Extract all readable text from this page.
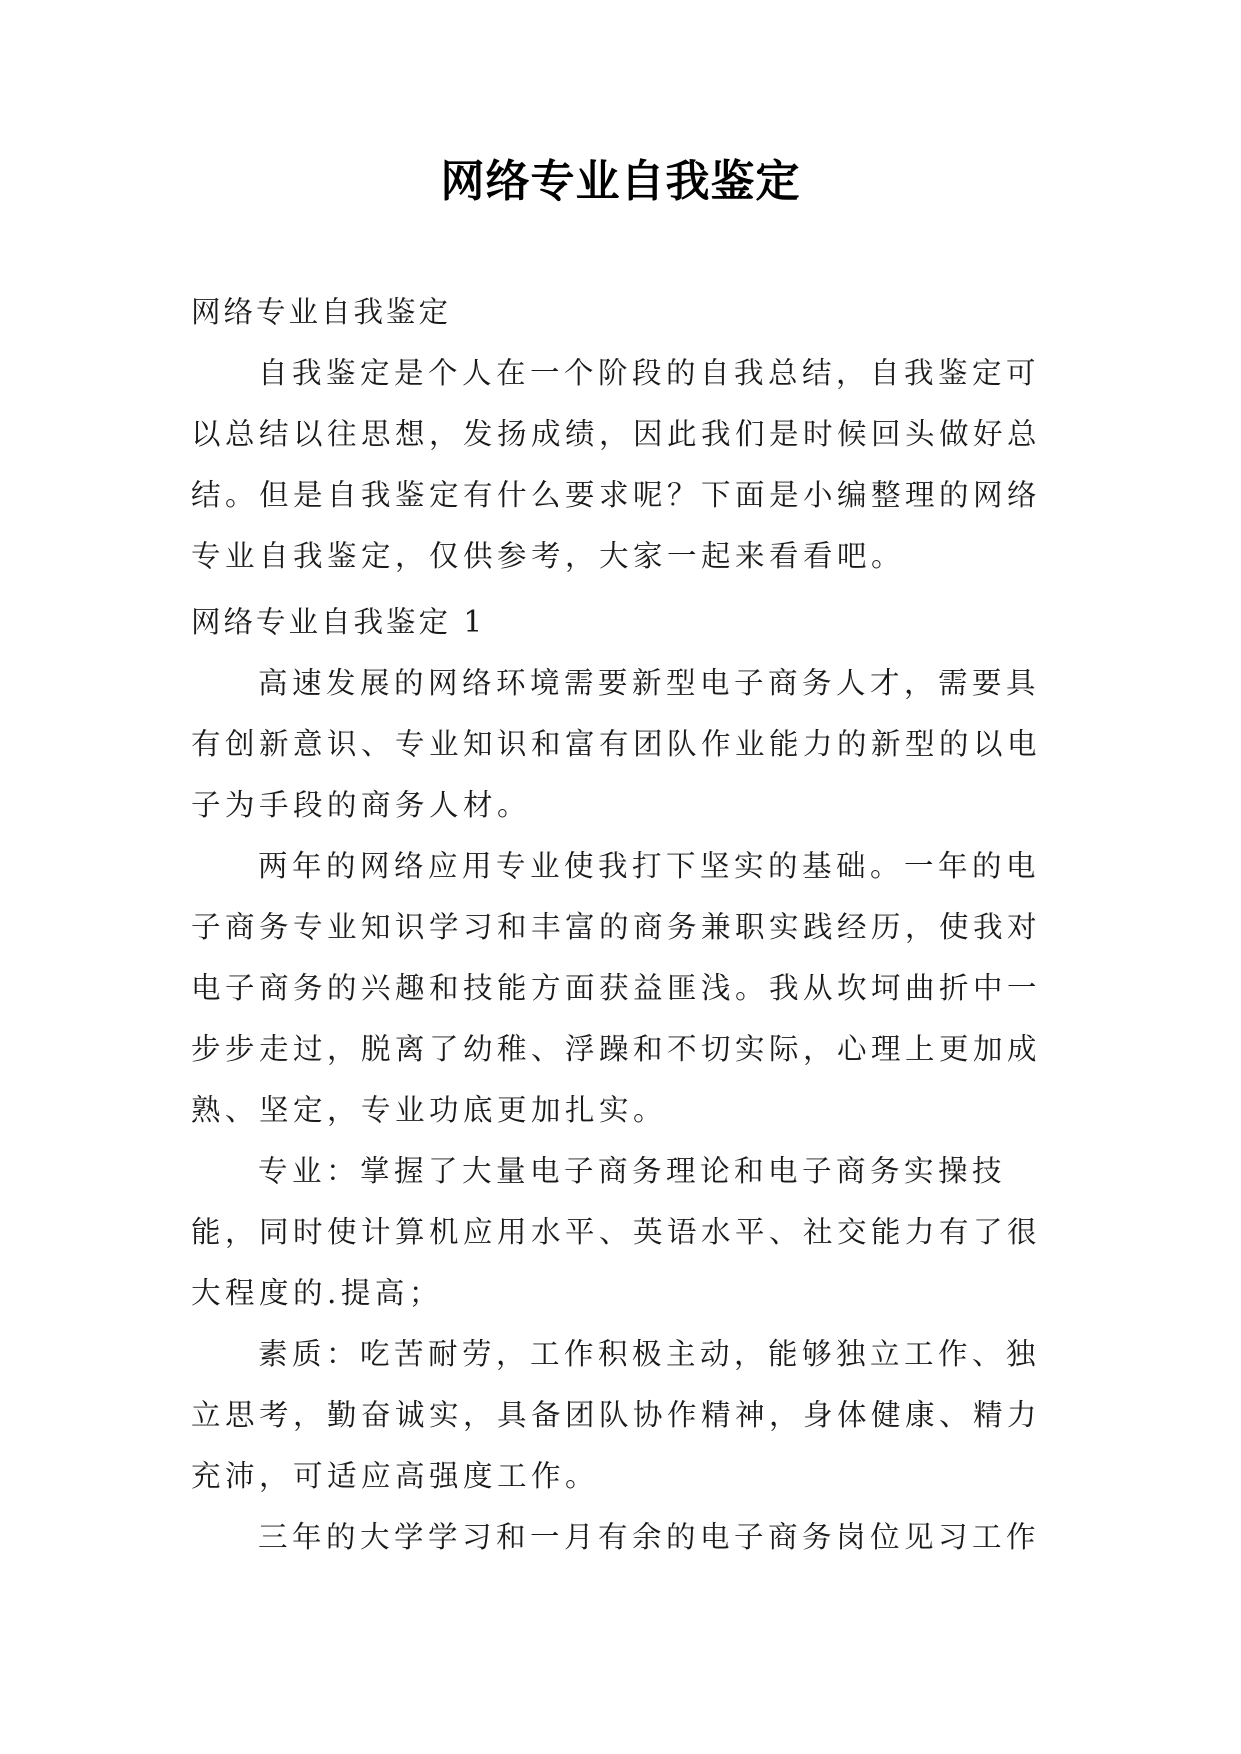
网络专业自我鉴定

网络专业自我鉴定

自我鉴定是个人在一个阶段的自我总结，自我鉴定可以总结以往思想，发扬成绩，因此我们是时候回头做好总结。但是自我鉴定有什么要求呢？下面是小编整理的网络专业自我鉴定，仅供参考，大家一起来看看吧。

网络专业自我鉴定 1

高速发展的网络环境需要新型电子商务人才，需要具有创新意识、专业知识和富有团队作业能力的新型的以电子为手段的商务人材。

两年的网络应用专业使我打下坚实的基础。一年的电子商务专业知识学习和丰富的商务兼职实践经历，使我对电子商务的兴趣和技能方面获益匪浅。我从坎坷曲折中一步步走过，脱离了幼稚、浮躁和不切实际，心理上更加成熟、坚定，专业功底更加扎实。

专业：掌握了大量电子商务理论和电子商务实操技能，同时使计算机应用水平、英语水平、社交能力有了很大程度的.提高；

素质：吃苦耐劳，工作积极主动，能够独立工作、独立思考，勤奋诚实，具备团队协作精神，身体健康、精力充沛，可适应高强度工作。

三年的大学学习和一月有余的电子商务岗位见习工作
